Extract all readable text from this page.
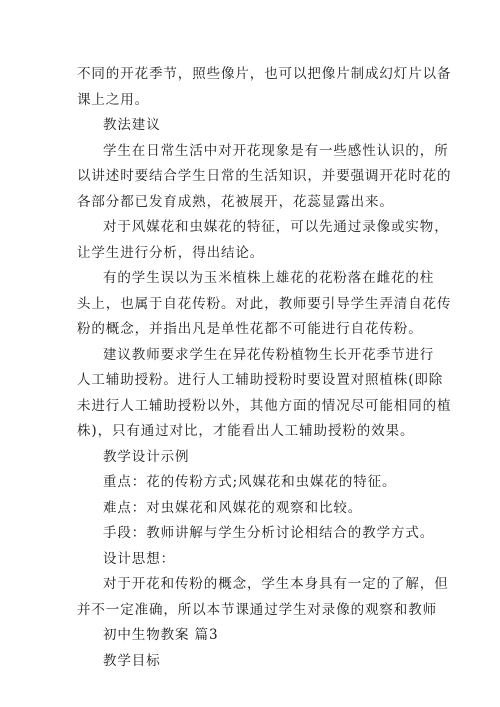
不同的开花季节，照些像片，也可以把像片制成幻灯片以备
课上之用。
教法建议
学生在日常生活中对开花现象是有一些感性认识的，所
以讲述时要结合学生日常的生活知识，并要强调开花时花的
各部分都已发育成熟，花被展开，花蕊显露出来。
对于风媒花和虫媒花的特征，可以先通过录像或实物，
让学生进行分析，得出结论。
有的学生误以为玉米植株上雄花的花粉落在雌花的柱
头上，也属于自花传粉。对此，教师要引导学生弄清自花传
粉的概念，并指出凡是单性花都不可能进行自花传粉。
建议教师要求学生在异花传粉植物生长开花季节进行
人工辅助授粉。进行人工辅助授粉时要设置对照植株(即除
未进行人工辅助授粉以外，其他方面的情况尽可能相同的植
株)，只有通过对比，才能看出人工辅助授粉的效果。
教学设计示例
重点：花的传粉方式;风媒花和虫媒花的特征。
难点：对虫媒花和风媒花的观察和比较。
手段：教师讲解与学生分析讨论相结合的教学方式。
设计思想：
对于开花和传粉的概念，学生本身具有一定的了解，但
并不一定准确，所以本节课通过学生对录像的观察和教师
初中生物教案 篇3
教学目标
